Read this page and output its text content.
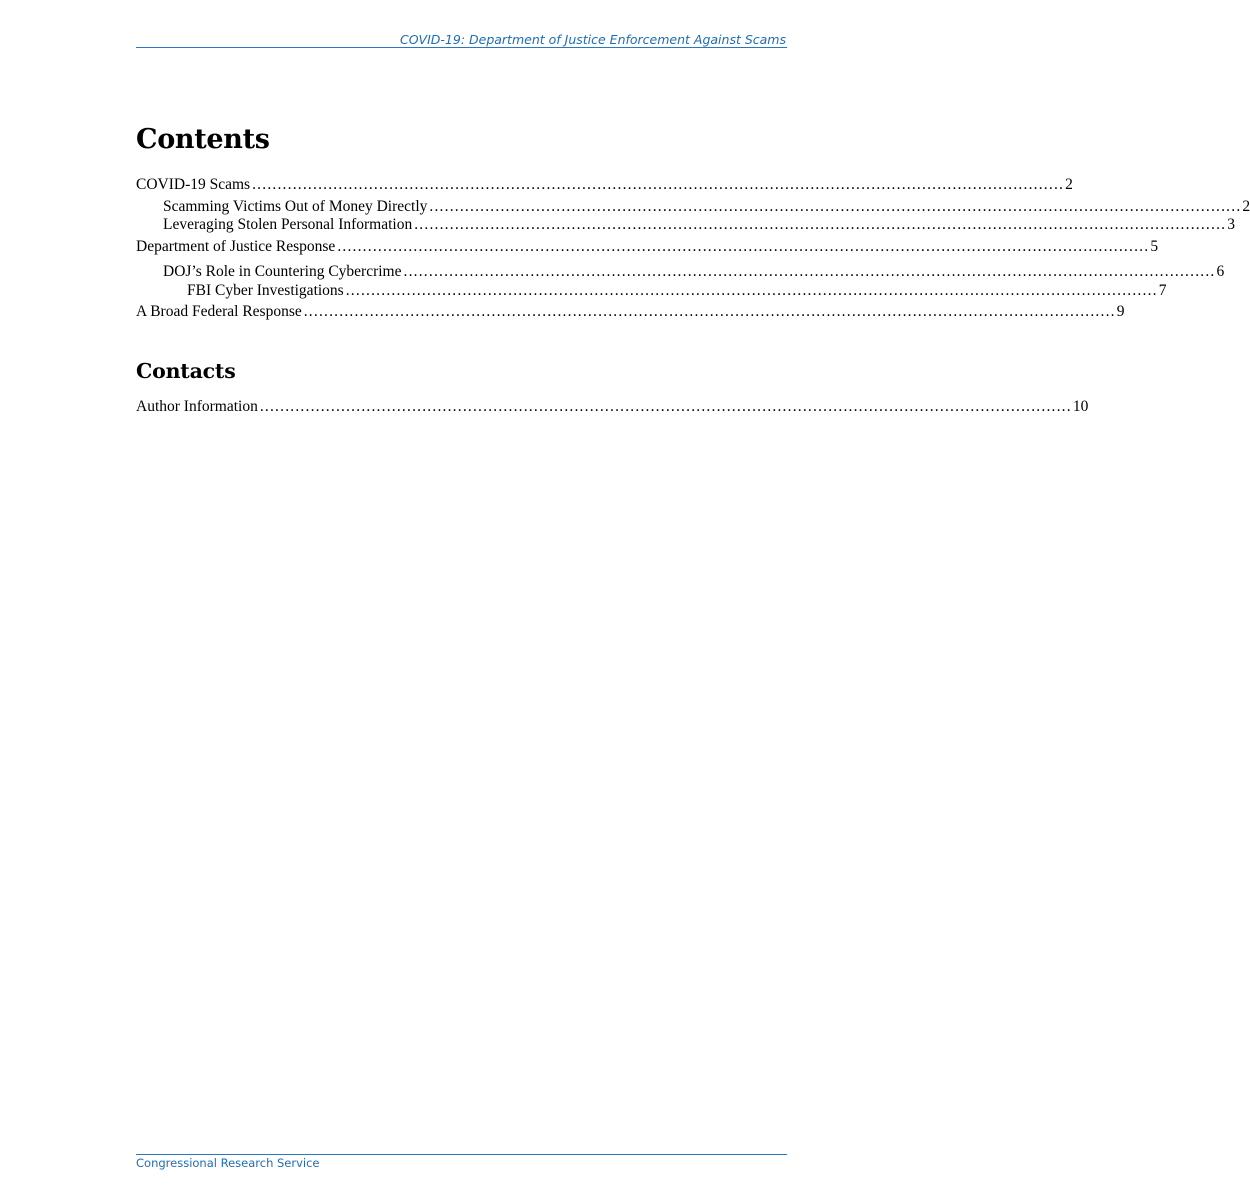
COVID-19: Department of Justice Enforcement Against Scams
Contents
COVID-19 Scams ................................................................................................................................................................ 2
Scamming Victims Out of Money Directly ................................................................................................................................................................ 2
Leveraging Stolen Personal Information ................................................................................................................................................................ 3
Department of Justice Response ................................................................................................................................................................ 5
DOJ’s Role in Countering Cybercrime ................................................................................................................................................................ 6
FBI Cyber Investigations ................................................................................................................................................................ 7
A Broad Federal Response ................................................................................................................................................................ 9
Contacts
Author Information ................................................................................................................................................................ 10
Congressional Research Service
